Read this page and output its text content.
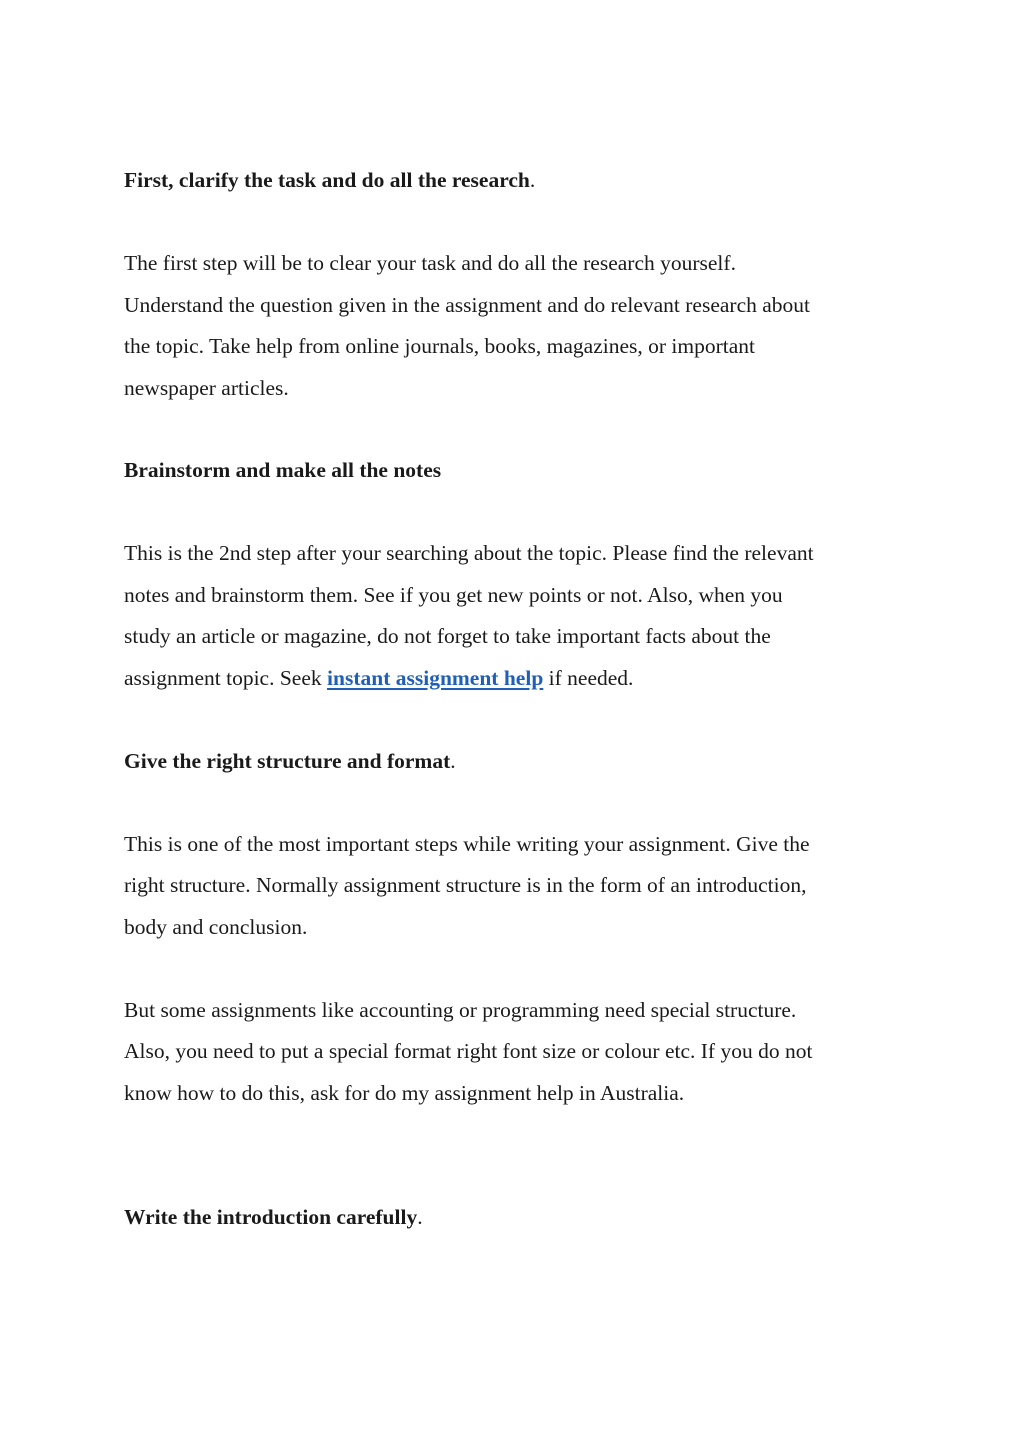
First, clarify the task and do all the research.
The first step will be to clear your task and do all the research yourself.
Understand the question given in the assignment and do relevant research about
the topic. Take help from online journals, books, magazines, or important
newspaper articles.
Brainstorm and make all the notes
This is the 2nd step after your searching about the topic. Please find the relevant
notes and brainstorm them. See if you get new points or not. Also, when you
study an article or magazine, do not forget to take important facts about the
assignment topic. Seek instant assignment help if needed.
Give the right structure and format.
This is one of the most important steps while writing your assignment. Give the
right structure. Normally assignment structure is in the form of an introduction,
body and conclusion.
But some assignments like accounting or programming need special structure.
Also, you need to put a special format right font size or colour etc. If you do not
know how to do this, ask for do my assignment help in Australia.
Write the introduction carefully.
